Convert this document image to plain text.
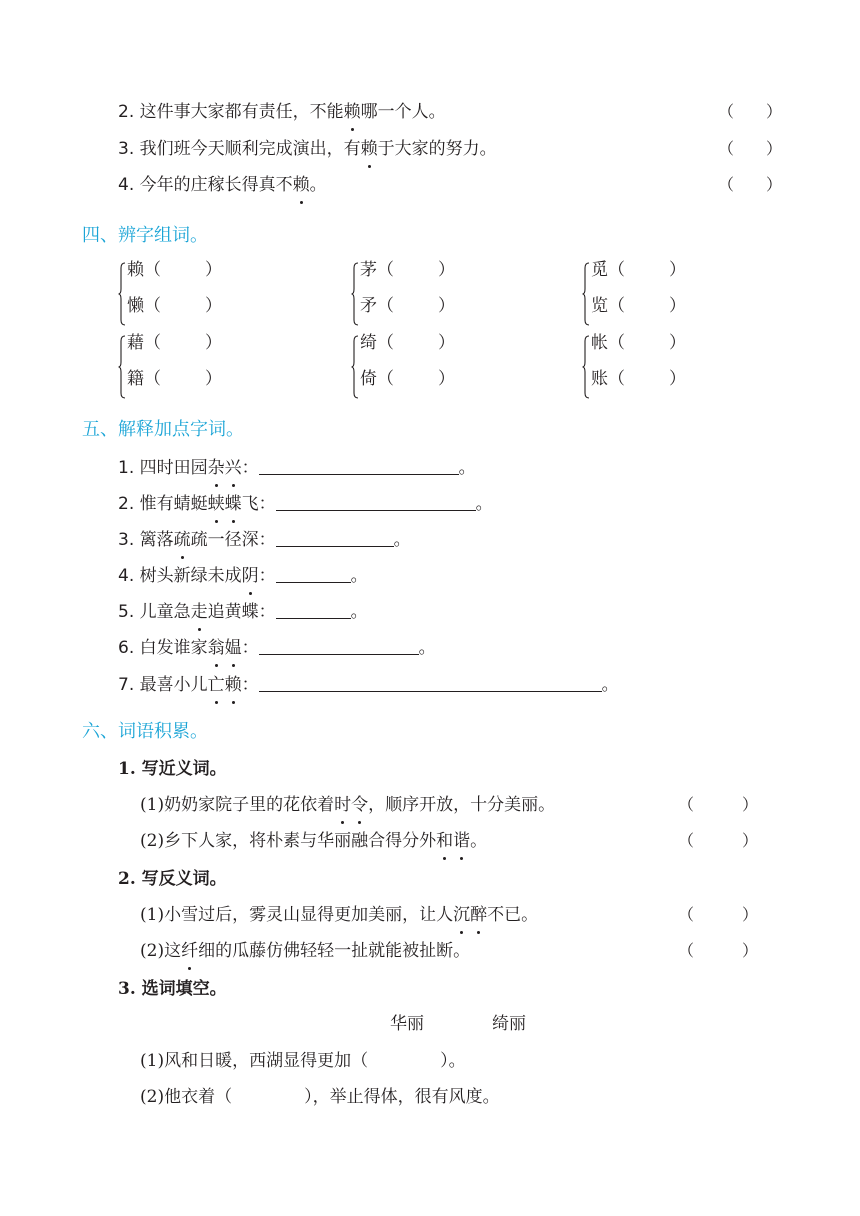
2. 这件事大家都有责任，不能赖哪一个人。	（　　）
3. 我们班今天顺利完成演出，有赖于大家的努力。	（　　）
4. 今年的庄稼长得真不赖。	（　　）
四、辨字组词。
赖（	）
懒（	）
茅（	）
矛（	）
觅（	）
览（	）
藉（	）
籍（	）
绮（	）
倚（	）
帐（	）
账（	）
五、解释加点字词。
1. 四时田园杂兴：	。
2. 惟有蜻蜓蛱蝶飞：	。
3. 篱落疏疏一径深：	。
4. 树头新绿未成阴：	。
5. 儿童急走追黄蝶：	。
6. 白发谁家翁媪：	。
7. 最喜小儿亡赖：	。
六、词语积累。
1. 写近义词。
(1)奶奶家院子里的花依着时令，顺序开放，十分美丽。	（　　　）
(2)乡下人家，将朴素与华丽融合得分外和谐。	（　　　）
2. 写反义词。
(1)小雪过后，雾灵山显得更加美丽，让人沉醉不已。	（　　　）
(2)这纤细的瓜藤仿佛轻轻一扯就能被扯断。	（　　　）
3. 选词填空。
华丽	绮丽
(1)风和日暖，西湖显得更加（	）。
(2)他衣着（	），举止得体，很有风度。
